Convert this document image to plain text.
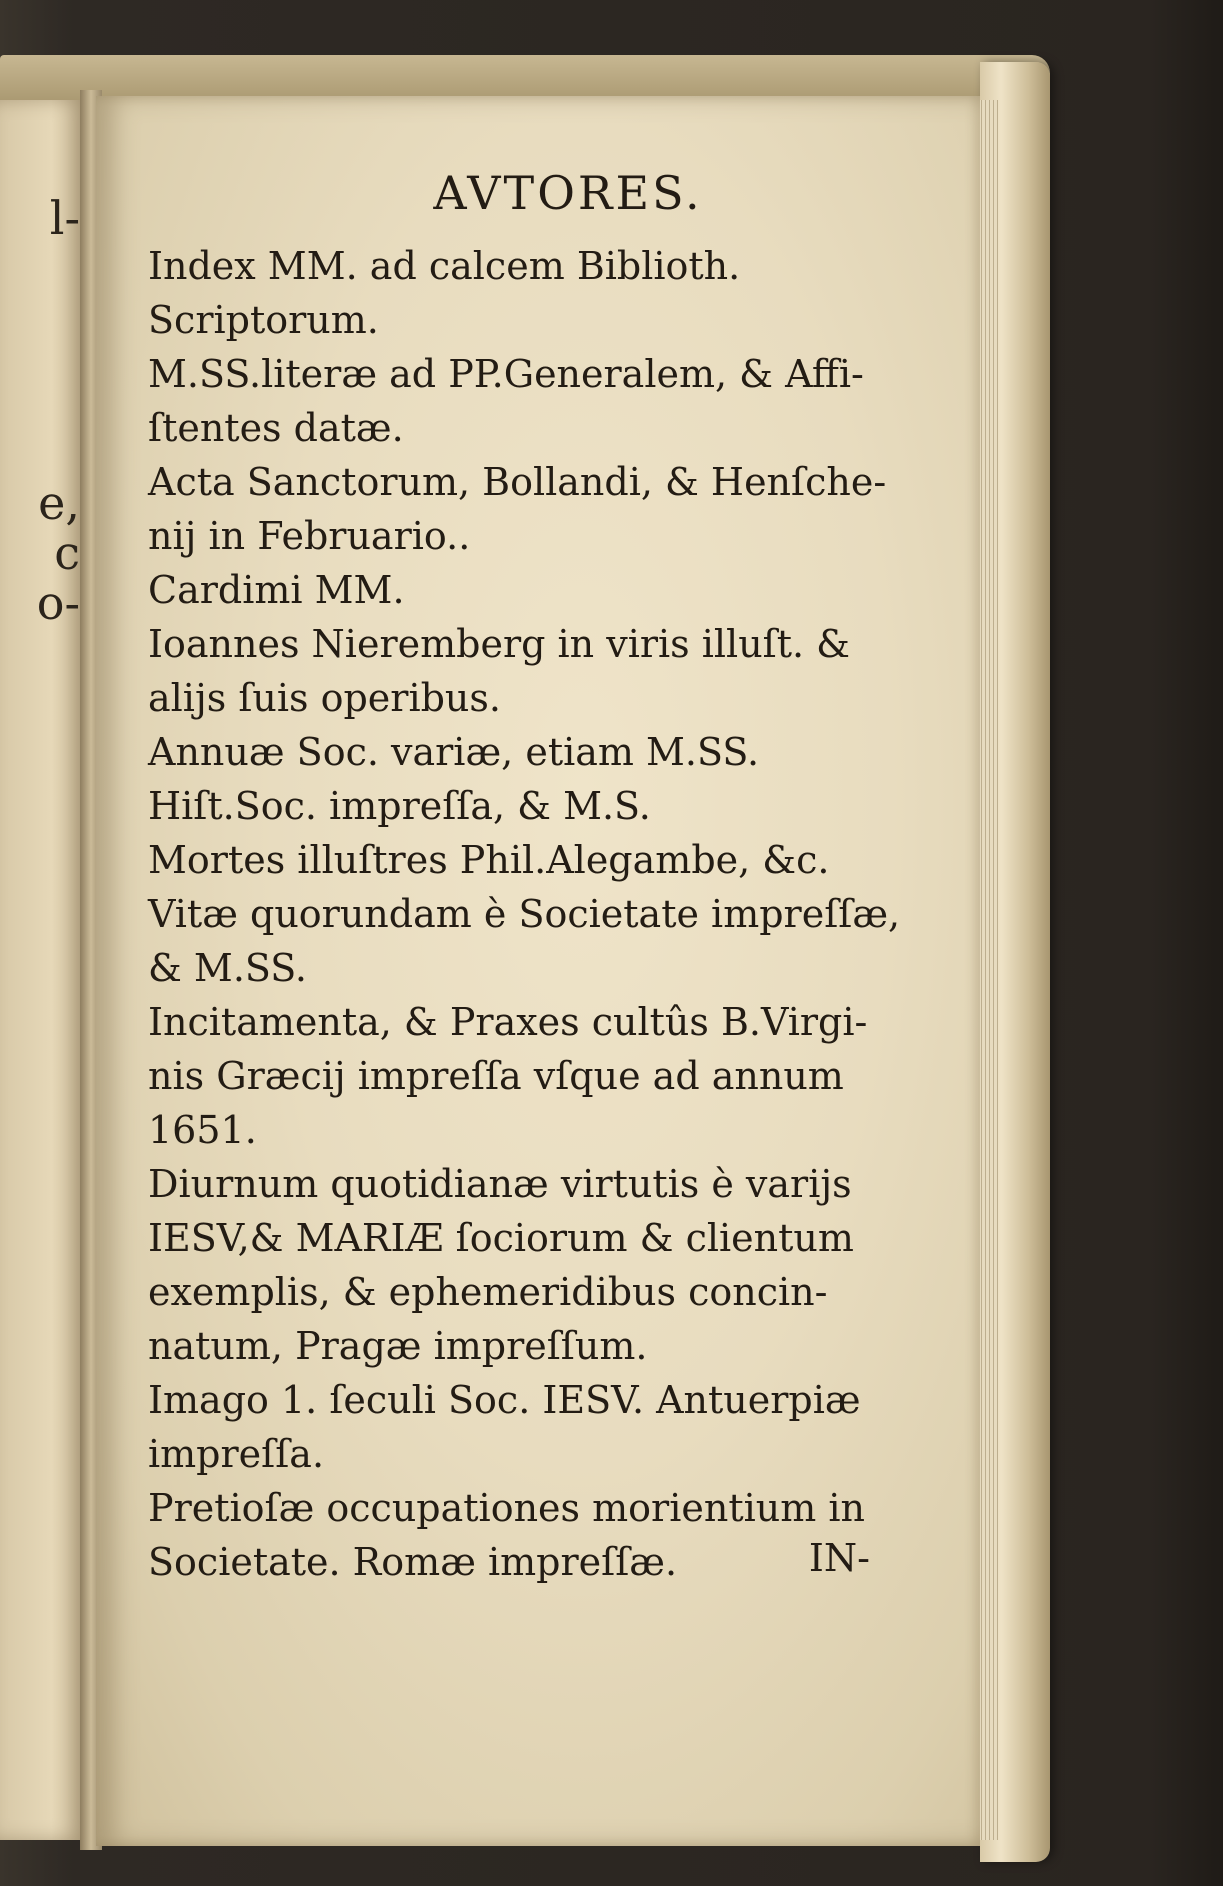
l-
e,
c
o-
AVTORES.

Index MM. ad calcem Biblioth.
Scriptorum.

M.SS.literæ ad PP.Generalem, & Affi-
ſtentes datæ.

Acta Sanctorum, Bollandi, & Henſche-
nij in Februario..

Cardimi MM.

Ioannes Nieremberg in viris illuſt. &
alijs ſuis operibus.

Annuæ Soc. variæ, etiam M.SS.

Hiſt.Soc. impreſſa, & M.S.

Mortes illuſtres Phil.Alegambe, &c.

Vitæ quorundam è Societate impreſſæ,
& M.SS.

Incitamenta, & Praxes cultûs B.Virgi-
nis Græcij impreſſa vſque ad annum
1651.

Diurnum quotidianæ virtutis è varijs
IESV,& MARIÆ ſociorum & clientum
exemplis, & ephemeridibus concin-
natum, Pragæ impreſſum.

Imago 1. ſeculi Soc. IESV. Antuerpiæ
impreſſa.

Pretioſæ occupationes morientium in
Societate. Romæ impreſſæ.	IN-
